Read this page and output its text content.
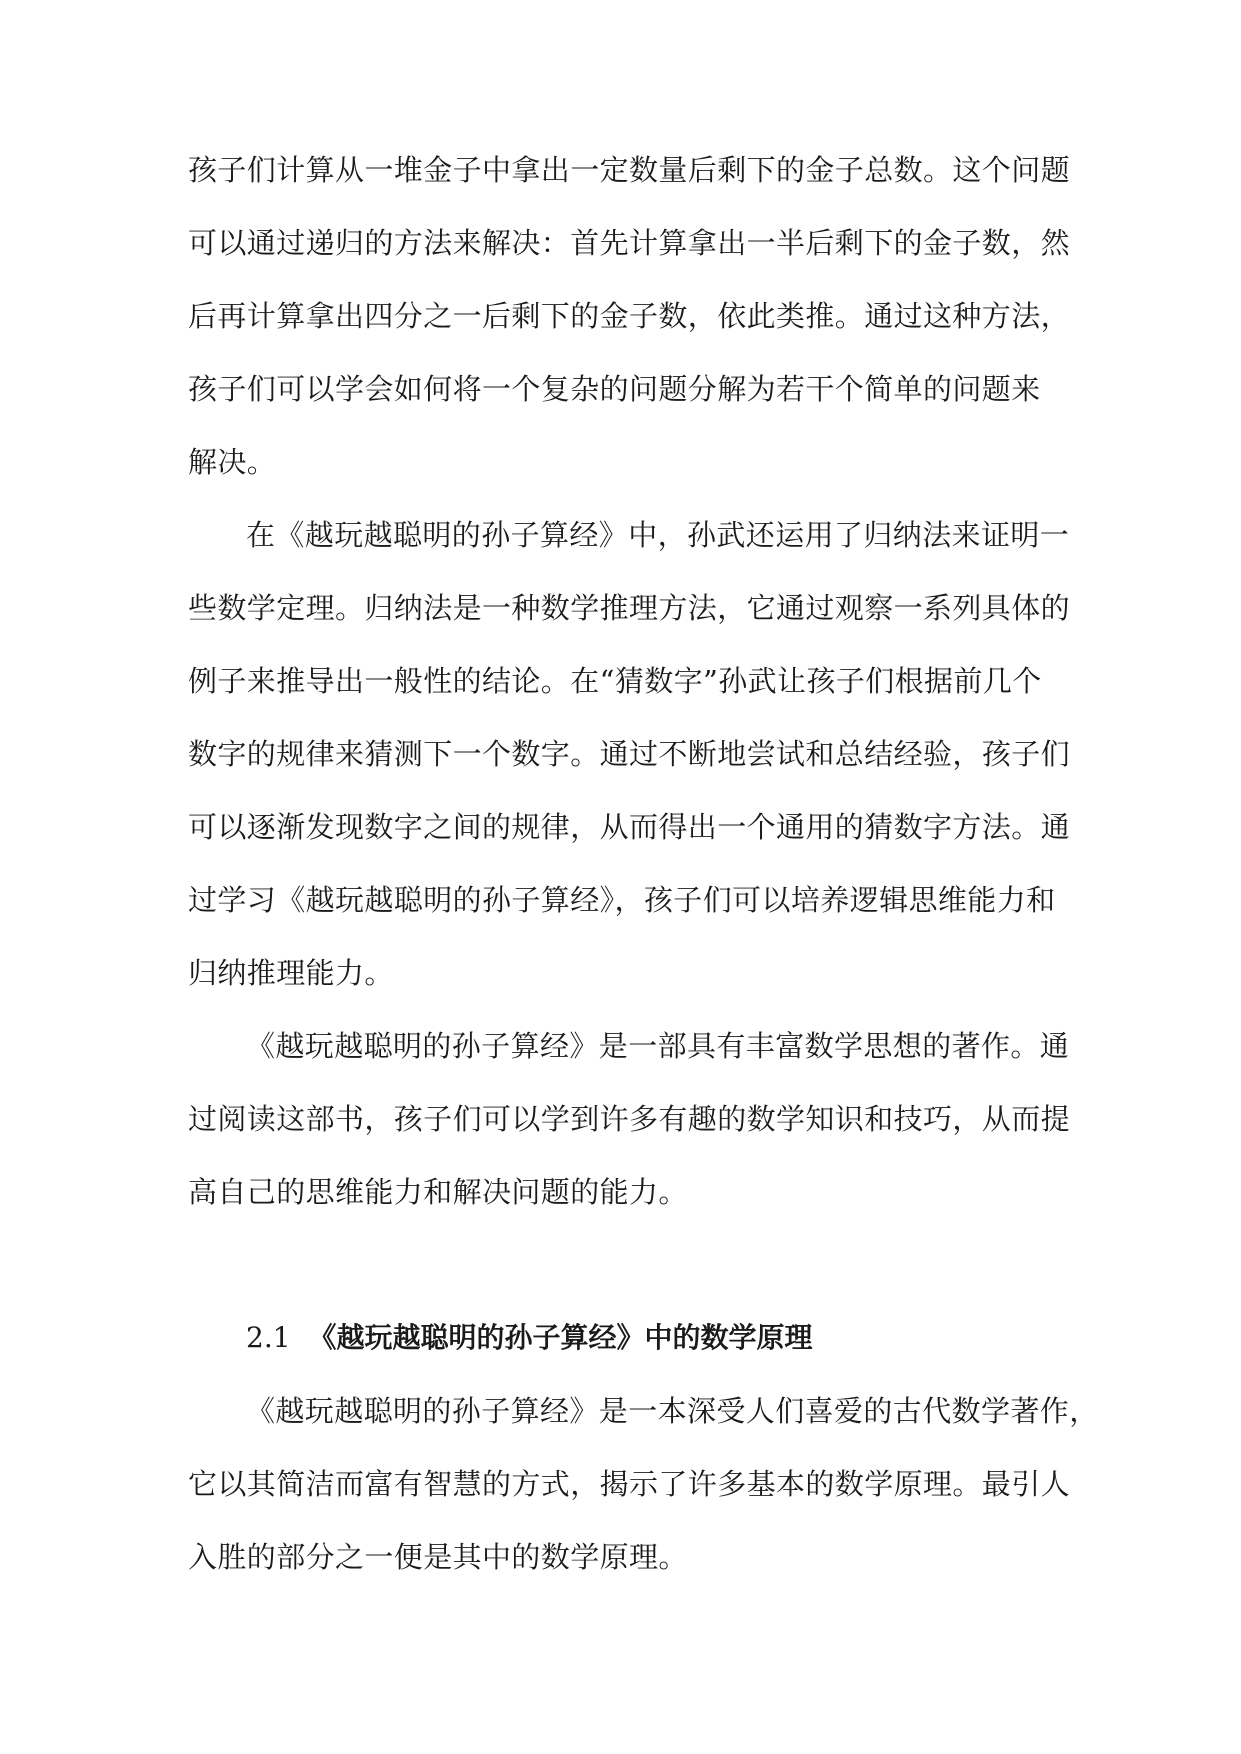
孩子们计算从一堆金子中拿出一定数量后剩下的金子总数。这个问题
可以通过递归的方法来解决：首先计算拿出一半后剩下的金子数，然
后再计算拿出四分之一后剩下的金子数，依此类推。通过这种方法，
孩子们可以学会如何将一个复杂的问题分解为若干个简单的问题来
解决。
在《越玩越聪明的孙子算经》中，孙武还运用了归纳法来证明一
些数学定理。归纳法是一种数学推理方法，它通过观察一系列具体的
例子来推导出一般性的结论。在“猜数字”孙武让孩子们根据前几个
数字的规律来猜测下一个数字。通过不断地尝试和总结经验，孩子们
可以逐渐发现数字之间的规律，从而得出一个通用的猜数字方法。通
过学习《越玩越聪明的孙子算经》，孩子们可以培养逻辑思维能力和
归纳推理能力。
《越玩越聪明的孙子算经》是一部具有丰富数学思想的著作。通
过阅读这部书，孩子们可以学到许多有趣的数学知识和技巧，从而提
高自己的思维能力和解决问题的能力。
2.1 《越玩越聪明的孙子算经》中的数学原理
《越玩越聪明的孙子算经》是一本深受人们喜爱的古代数学著作，
它以其简洁而富有智慧的方式，揭示了许多基本的数学原理。最引人
入胜的部分之一便是其中的数学原理。
